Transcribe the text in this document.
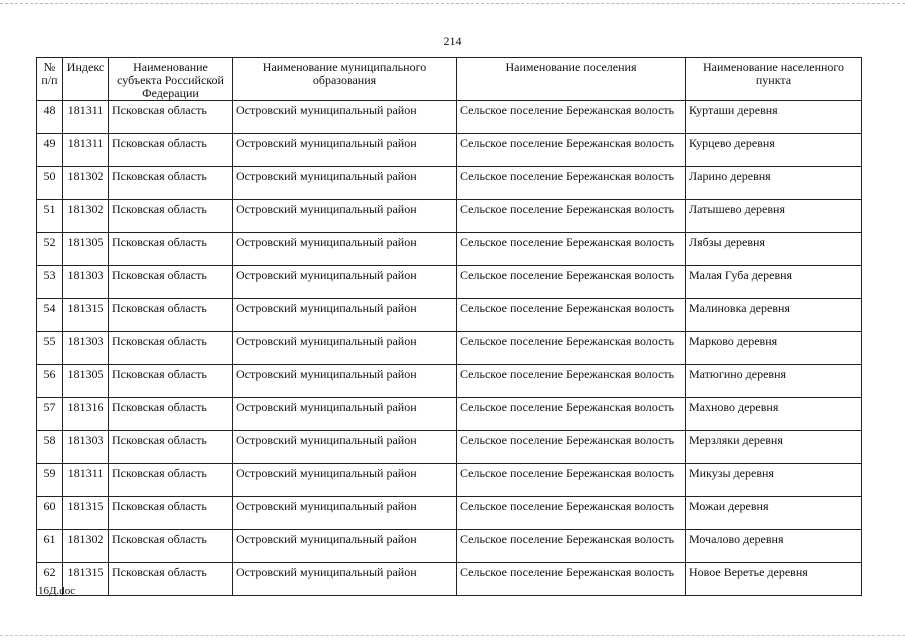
214
№ п/п	Индекс	Наименование субъекта Российской Федерации	Наименование муниципального образования	Наименование поселения	Наименование населенного пункта
48	181311	Псковская область	Островский муниципальный район	Сельское поселение Бережанская волость	Курташи деревня
49	181311	Псковская область	Островский муниципальный район	Сельское поселение Бережанская волость	Курцево деревня
50	181302	Псковская область	Островский муниципальный район	Сельское поселение Бережанская волость	Ларино деревня
51	181302	Псковская область	Островский муниципальный район	Сельское поселение Бережанская волость	Латышево деревня
52	181305	Псковская область	Островский муниципальный район	Сельское поселение Бережанская волость	Лябзы деревня
53	181303	Псковская область	Островский муниципальный район	Сельское поселение Бережанская волость	Малая Губа деревня
54	181315	Псковская область	Островский муниципальный район	Сельское поселение Бережанская волость	Малиновка деревня
55	181303	Псковская область	Островский муниципальный район	Сельское поселение Бережанская волость	Марково деревня
56	181305	Псковская область	Островский муниципальный район	Сельское поселение Бережанская волость	Матюгино деревня
57	181316	Псковская область	Островский муниципальный район	Сельское поселение Бережанская волость	Махново деревня
58	181303	Псковская область	Островский муниципальный район	Сельское поселение Бережанская волость	Мерзляки деревня
59	181311	Псковская область	Островский муниципальный район	Сельское поселение Бережанская волость	Микузы деревня
60	181315	Псковская область	Островский муниципальный район	Сельское поселение Бережанская волость	Можаи деревня
61	181302	Псковская область	Островский муниципальный район	Сельское поселение Бережанская волость	Мочалово деревня
62	181315	Псковская область	Островский муниципальный район	Сельское поселение Бережанская волость	Новое Веретье деревня
16Д.doc
